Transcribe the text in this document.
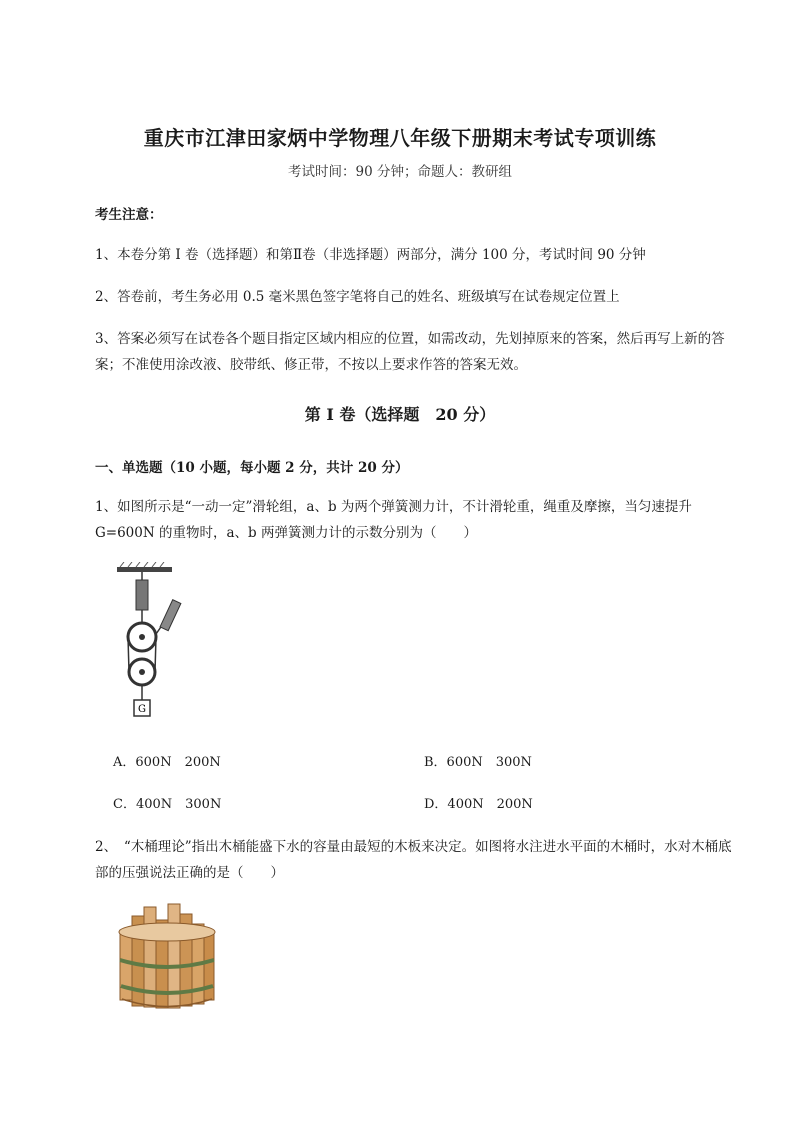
重庆市江津田家炳中学物理八年级下册期末考试专项训练
考试时间：90 分钟；命题人：教研组
考生注意：
1、本卷分第 I 卷（选择题）和第Ⅱ卷（非选择题）两部分，满分 100 分，考试时间 90 分钟
2、答卷前，考生务必用 0.5 毫米黑色签字笔将自己的姓名、班级填写在试卷规定位置上
3、答案必须写在试卷各个题目指定区域内相应的位置，如需改动，先划掉原来的答案，然后再写上新的答案；不准使用涂改液、胶带纸、修正带，不按以上要求作答的答案无效。
第 I 卷（选择题　20 分）
一、单选题（10 小题，每小题 2 分，共计 20 分）
1、如图所示是“一动一定”滑轮组，a、b 为两个弹簧测力计，不计滑轮重，绳重及摩擦，当匀速提升 G=600N 的重物时，a、b 两弹簧测力计的示数分别为（　　）
G
A．600N　200N	B．600N　300N
C．400N　300N	D．400N　200N
2、　“木桶理论”指出木桶能盛下水的容量由最短的木板来决定。如图将水注进水平面的木桶时，水对木桶底部的压强说法正确的是（　　）
